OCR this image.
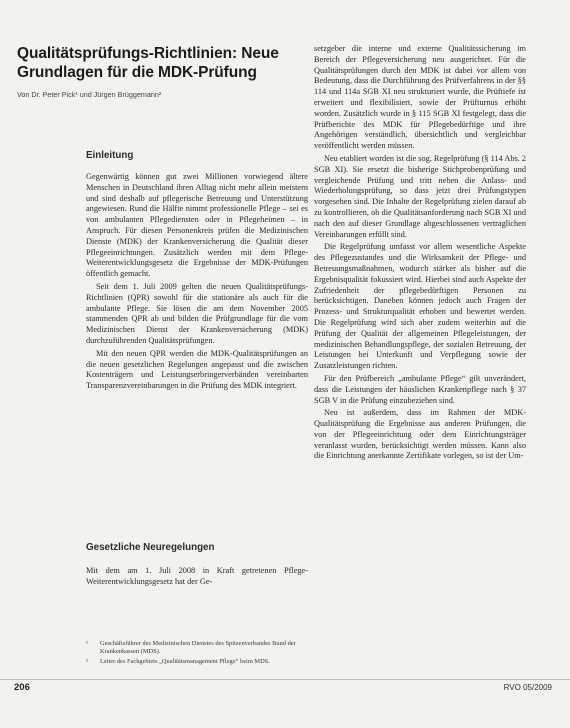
Qualitätsprüfungs-Richtlinien: Neue Grundlagen für die MDK-Prüfung
Von Dr. Peter Pick¹ und Jürgen Brüggemann²
Einleitung

Gegenwärtig können gut zwei Millionen vorwiegend ältere Menschen in Deutschland ihren Alltag nicht mehr allein meistern und sind deshalb auf pflegerische Betreuung und Unterstützung angewiesen. Rund die Hälfte nimmt professionelle Pflege – sei es von ambulanten Pflegediensten oder in Pflegeheimen – in Anspruch. Für diesen Personenkreis prüfen die Medizinischen Dienste (MDK) der Krankenversicherung die Qualität dieser Pflegeeinrichtungen. Zusätzlich werden mit dem Pflege-Weiterentwicklungsgesetz die Ergebnisse der MDK-Prüfungen öffentlich gemacht.

Seit dem 1. Juli 2009 gelten die neuen Qualitätsprüfungs-Richtlinien (QPR) sowohl für die stationäre als auch für die ambulante Pflege. Sie lösen die am dem November 2005 stammenden QPR ab und bilden die Prüfgrundlage für die vom Medizinischen Dienst der Krankenversicherung (MDK) durchzuführenden Qualitätsprüfungen.

Mit den neuen QPR werden die MDK-Qualitätsprüfungen an die neuen gesetzlichen Regelungen angepasst und die zwischen Kostenträgern und Leistungserbringerverbänden vereinbarten Transparenzvereinbarungen in die Prüfung des MDK integriert.

Gesetzliche Neuregelungen

Mit dem am 1. Juli 2008 in Kraft getretenen Pflege-Weiterentwicklungsgesetz hat der Ge-

¹	Geschäftsführer des Medizinischen Dienstes des Spitzenverbandes Bund der Krankenkassen (MDS).
²	Leiter des Fachgebiets „Qualitätsmanagement Pflege“ beim MDS.

setzgeber die interne und externe Qualitätssicherung im Bereich der Pflegeversicherung neu ausgerichtet. Für die Qualitätsprüfungen durch den MDK ist dabei vor allem von Bedeutung, dass die Durchführung des Prüfverfahrens in der §§ 114 und 114a SGB XI neu strukturiert wurde, die Prüftiefe ist erweitert und flexibilisiert, sowie der Prüfturnus erhöht worden. Zusätzlich wurde in § 115 SGB XI festgelegt, dass die Prüfberichte des MDK für Pflegebedürftige und ihre Angehörigen verständlich, übersichtlich und vergleichbar veröffentlicht werden müssen.

Neu etabliert worden ist die sog. Regelprüfung (§ 114 Abs. 2 SGB XI). Sie ersetzt die bisherige Stichprobenprüfung und vergleichende Prüfung und tritt neben die Anlass- und Wiederholungsprüfung, so dass jetzt drei Prüfungstypen vorgesehen sind. Die Inhalte der Regelprüfung zielen darauf ab zu kontrollieren, ob die Qualitätsanforderung nach SGB XI und nach den auf dieser Grundlage abgeschlossenen vertraglichen Vereinbarungen erfüllt sind.

Die Regelprüfung umfasst vor allem wesentliche Aspekte des Pflegezustandes und die Wirksamkeit der Pflege- und Betreuungsmaßnahmen, wodurch stärker als bisher auf die Ergebnisqualität fokussiert wird. Hierbei sind auch Aspekte der Zufriedenheit der pflegebedürftigen Personen zu berücksichtigen. Daneben können jedoch auch Fragen der Prozess- und Strukturqualität erhoben und bewertet werden. Die Regelprüfung wird sich aber zudem weiterhin auf die Prüfung der Qualität der allgemeinen Pflegeleistungen, der medizinischen Behandlungspflege, der sozialen Betreuung, der Leistungen bei Unterkunft und Verpflegung sowie der Zusatzleistungen richten.

Für den Prüfbereich „ambulante Pflege“ gilt unverändert, dass die Leistungen der häuslichen Krankenpflege nach § 37 SGB V in die Prüfung einzubeziehen sind.

Neu ist außerdem, dass im Rahmen der MDK-Qualitätsprüfung die Ergebnisse aus anderen Prüfungen, die von der Pflegeeinrichtung oder dem Einrichtungsträger veranlasst wurden, berücksichtigt werden müssen. Kann also die Einrichtung anerkannte Zertifikate vorlegen, so ist der Um-

206	RVO 05/2009
